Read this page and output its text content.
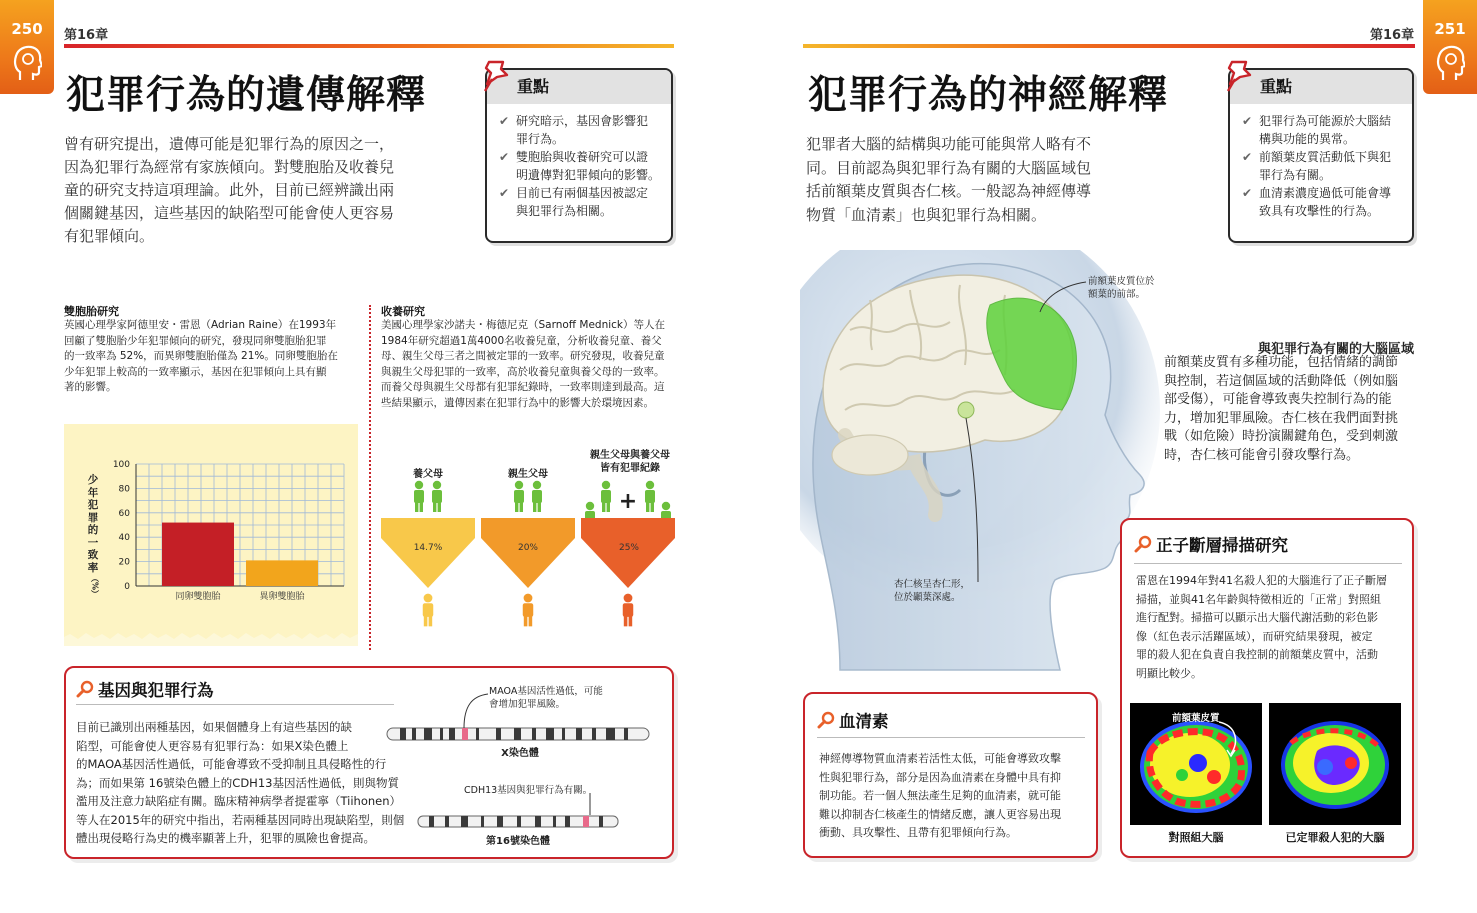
250	第16章
犯罪行為的遺傳解釋
曾有研究提出，遺傳可能是犯罪行為的原因之一，
因為犯罪行為經常有家族傾向。對雙胞胎及收養兒
童的研究支持這項理論。此外，目前已經辨識出兩
個關鍵基因，這些基因的缺陷型可能會使人更容易
有犯罪傾向。
重點
✔ 研究暗示，基因會影響犯
罪行為。
✔ 雙胞胎與收養研究可以證
明遺傳對犯罪傾向的影響。
✔ 目前已有兩個基因被認定
與犯罪行為相關。
雙胞胎研究
英國心理學家阿德里安・雷恩（Adrian Raine）在1993年
回顧了雙胞胎少年犯罪傾向的研究，發現同卵雙胞胎犯罪
的一致率為 52%，而異卵雙胞胎僅為 21%。同卵雙胞胎在
少年犯罪上較高的一致率顯示，基因在犯罪傾向上具有顯
著的影響。
收養研究
美國心理學家沙諾夫・梅德尼克（Sarnoff Mednick）等人在
1984年研究超過1萬4000名收養兒童，分析收養兒童、養父
母、親生父母三者之間被定罪的一致率。研究發現，收養兒童
與親生父母犯罪的一致率，高於收養兒童與養父母的一致率。
而養父母與親生父母都有犯罪紀錄時，一致率則達到最高。這
些結果顯示，遺傳因素在犯罪行為中的影響大於環境因素。
0
20
40
60
80
100
同卵雙胞胎	異卵雙胞胎
少
年
犯
罪
的
一
致
率
（%）
+
養父母	親生父母
親生父母與養父母
皆有犯罪紀錄
14.7%	20%	25%
基因與犯罪行為
目前已識別出兩種基因，如果個體身上有這些基因的缺
陷型，可能會使人更容易有犯罪行為：如果X染色體上
的MAOA基因活性過低，可能會導致不受抑制且具侵略性的行
為；而如果第 16號染色體上的CDH13基因活性過低，則與物質
濫用及注意力缺陷症有關。臨床精神病學者提霍寧（Tiihonen）
等人在2015年的研究中指出，若兩種基因同時出現缺陷型，則個
體出現侵略行為史的機率顯著上升，犯罪的風險也會提高。
MAOA基因活性過低，可能
會增加犯罪風險。
X染色體
CDH13基因與犯罪行為有關。
第16號染色體
第16章	251
犯罪行為的神經解釋
犯罪者大腦的結構與功能可能與常人略有不
同。目前認為與犯罪行為有關的大腦區域包
括前額葉皮質與杏仁核。一般認為神經傳導
物質「血清素」也與犯罪行為相關。
重點
✔ 犯罪行為可能源於大腦結
構與功能的異常。
✔ 前額葉皮質活動低下與犯
罪行為有關。
✔ 血清素濃度過低可能會導
致具有攻擊性的行為。
前額葉皮質位於
額葉的前部。
杏仁核呈杏仁形，
位於顳葉深處。
與犯罪行為有關的大腦區域
前額葉皮質有多種功能，包括情緒的調節
與控制，若這個區域的活動降低（例如腦
部受傷），可能會導致喪失控制行為的能
力，增加犯罪風險。杏仁核在我們面對挑
戰（如危險）時扮演關鍵角色，受到刺激
時，杏仁核可能會引發攻擊行為。
正子斷層掃描研究
雷恩在1994年對41名殺人犯的大腦進行了正子斷層
掃描，並與41名年齡與特徵相近的「正常」對照組
進行配對。掃描可以顯示出大腦代謝活動的彩色影
像（紅色表示活躍區域），而研究結果發現，被定
罪的殺人犯在負責自我控制的前額葉皮質中，活動
明顯比較少。
前額葉皮質
對照組大腦	已定罪殺人犯的大腦
血清素
神經傳導物質血清素若活性太低，可能會導致攻擊
性與犯罪行為，部分是因為血清素在身體中具有抑
制功能。若一個人無法產生足夠的血清素，就可能
難以抑制杏仁核產生的情緒反應，讓人更容易出現
衝動、具攻擊性、且帶有犯罪傾向行為。
